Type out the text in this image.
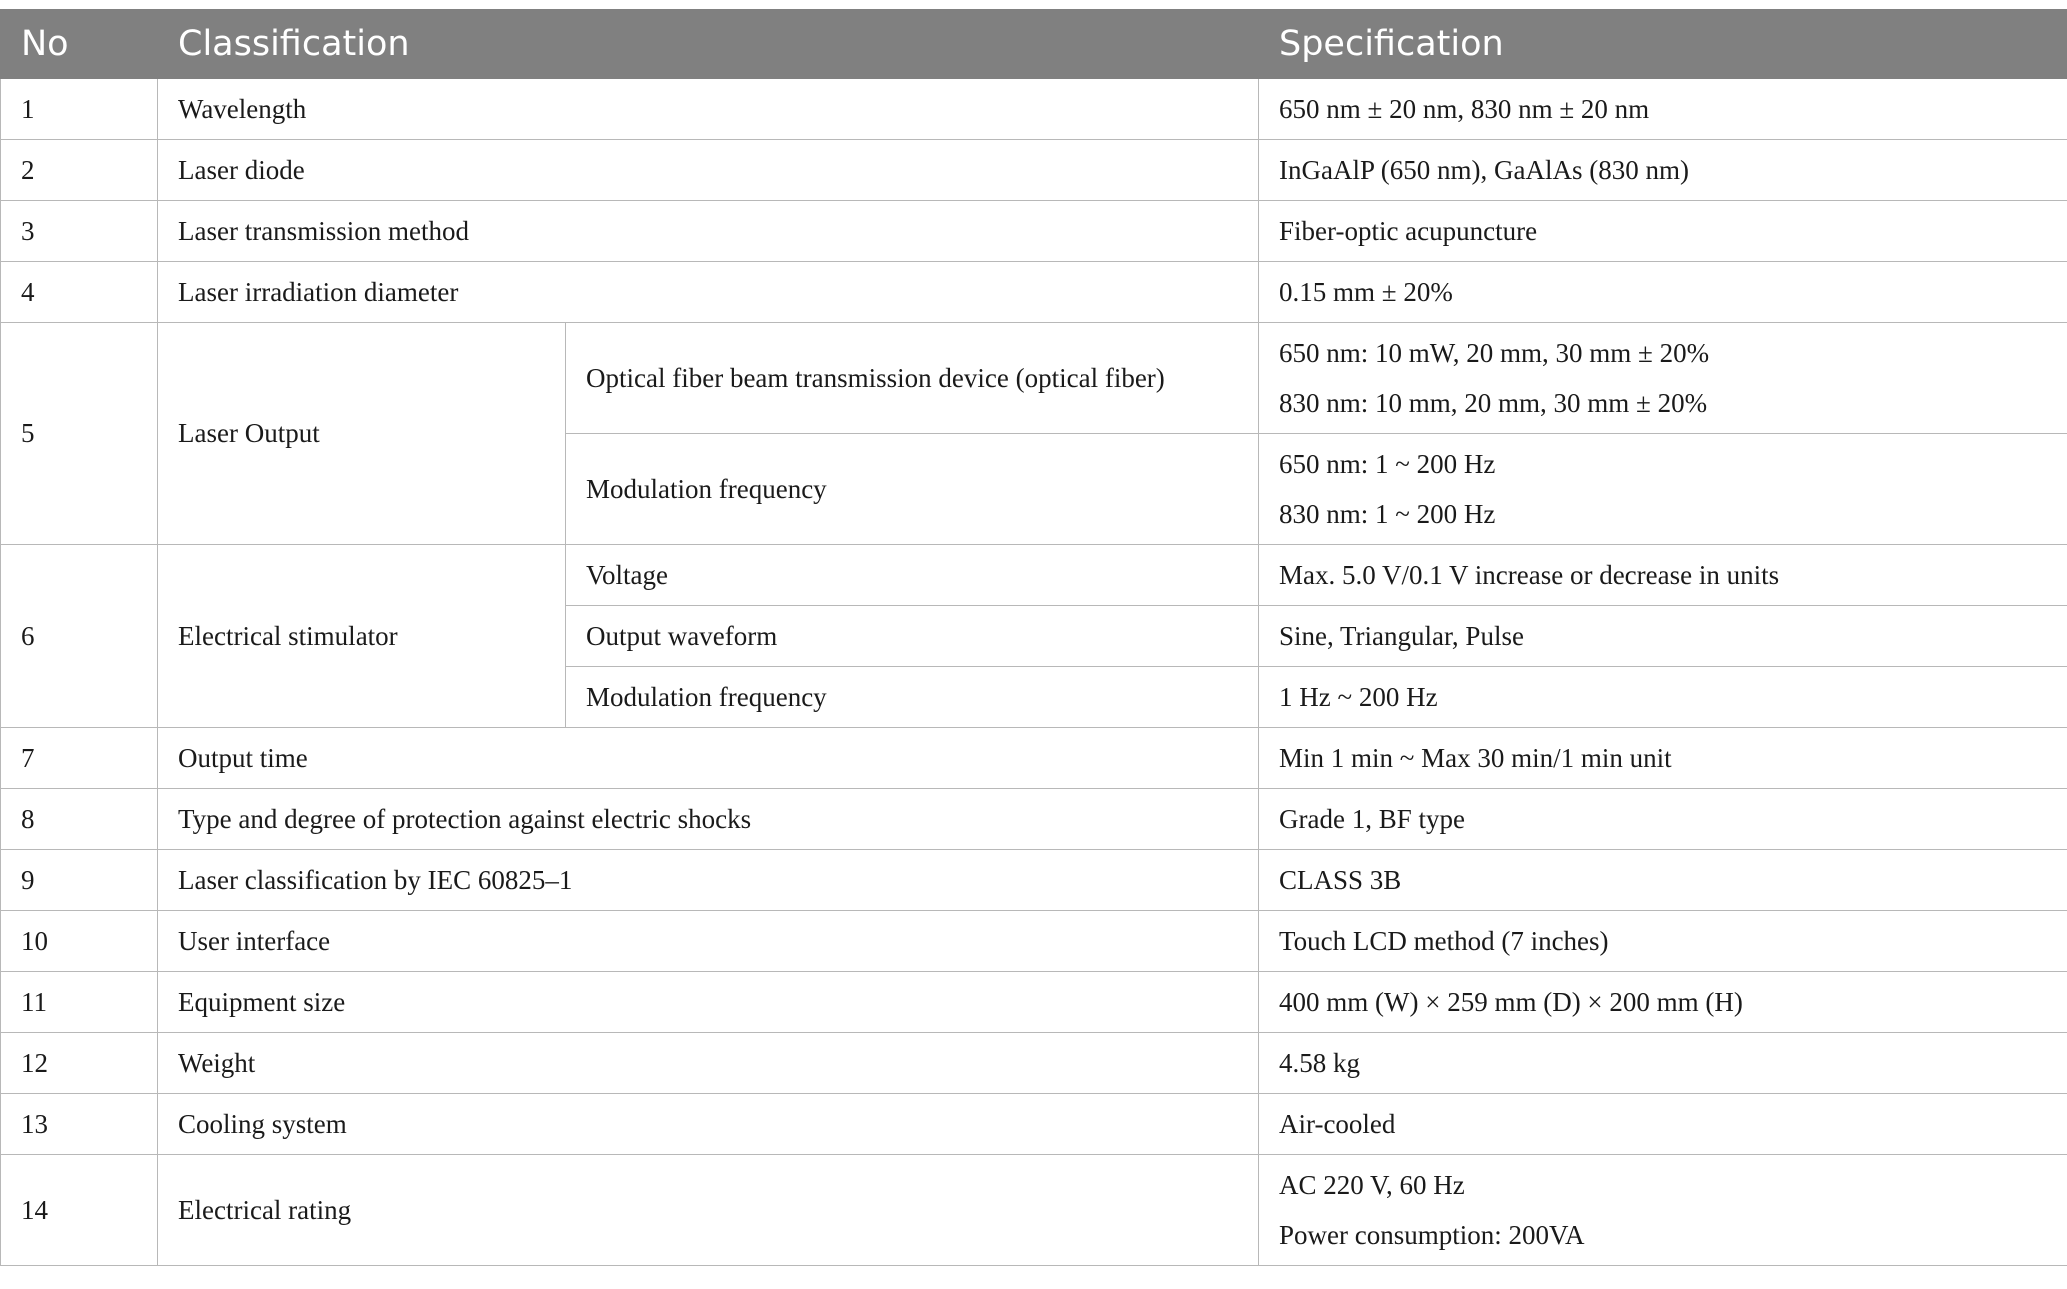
No	Classification		Specification
1	Wavelength		650 nm ± 20 nm, 830 nm ± 20 nm
2	Laser diode		InGaAlP (650 nm), GaAlAs (830 nm)
3	Laser transmission method		Fiber-optic acupuncture
4	Laser irradiation diameter		0.15 mm ± 20%
5	Laser Output	Optical fiber beam transmission device (optical fiber)	650 nm: 10 mW, 20 mm, 30 mm ± 20%
830 nm: 10 mm, 20 mm, 30 mm ± 20%

		Modulation frequency	650 nm: 1 ~ 200 Hz
830 nm: 1 ~ 200 Hz

6	Electrical stimulator	Voltage	Max. 5.0 V/0.1 V increase or decrease in units
		Output waveform	Sine, Triangular, Pulse
		Modulation frequency	1 Hz ~ 200 Hz
7	Output time		Min 1 min ~ Max 30 min/1 min unit
8	Type and degree of protection against electric shocks		Grade 1, BF type
9	Laser classification by IEC 60825–1		CLASS 3B
10	User interface		Touch LCD method (7 inches)
11	Equipment size		400 mm (W) × 259 mm (D) × 200 mm (H)
12	Weight		4.58 kg
13	Cooling system		Air-cooled
14	Electrical rating		AC 220 V, 60 Hz
Power consumption: 200VA
